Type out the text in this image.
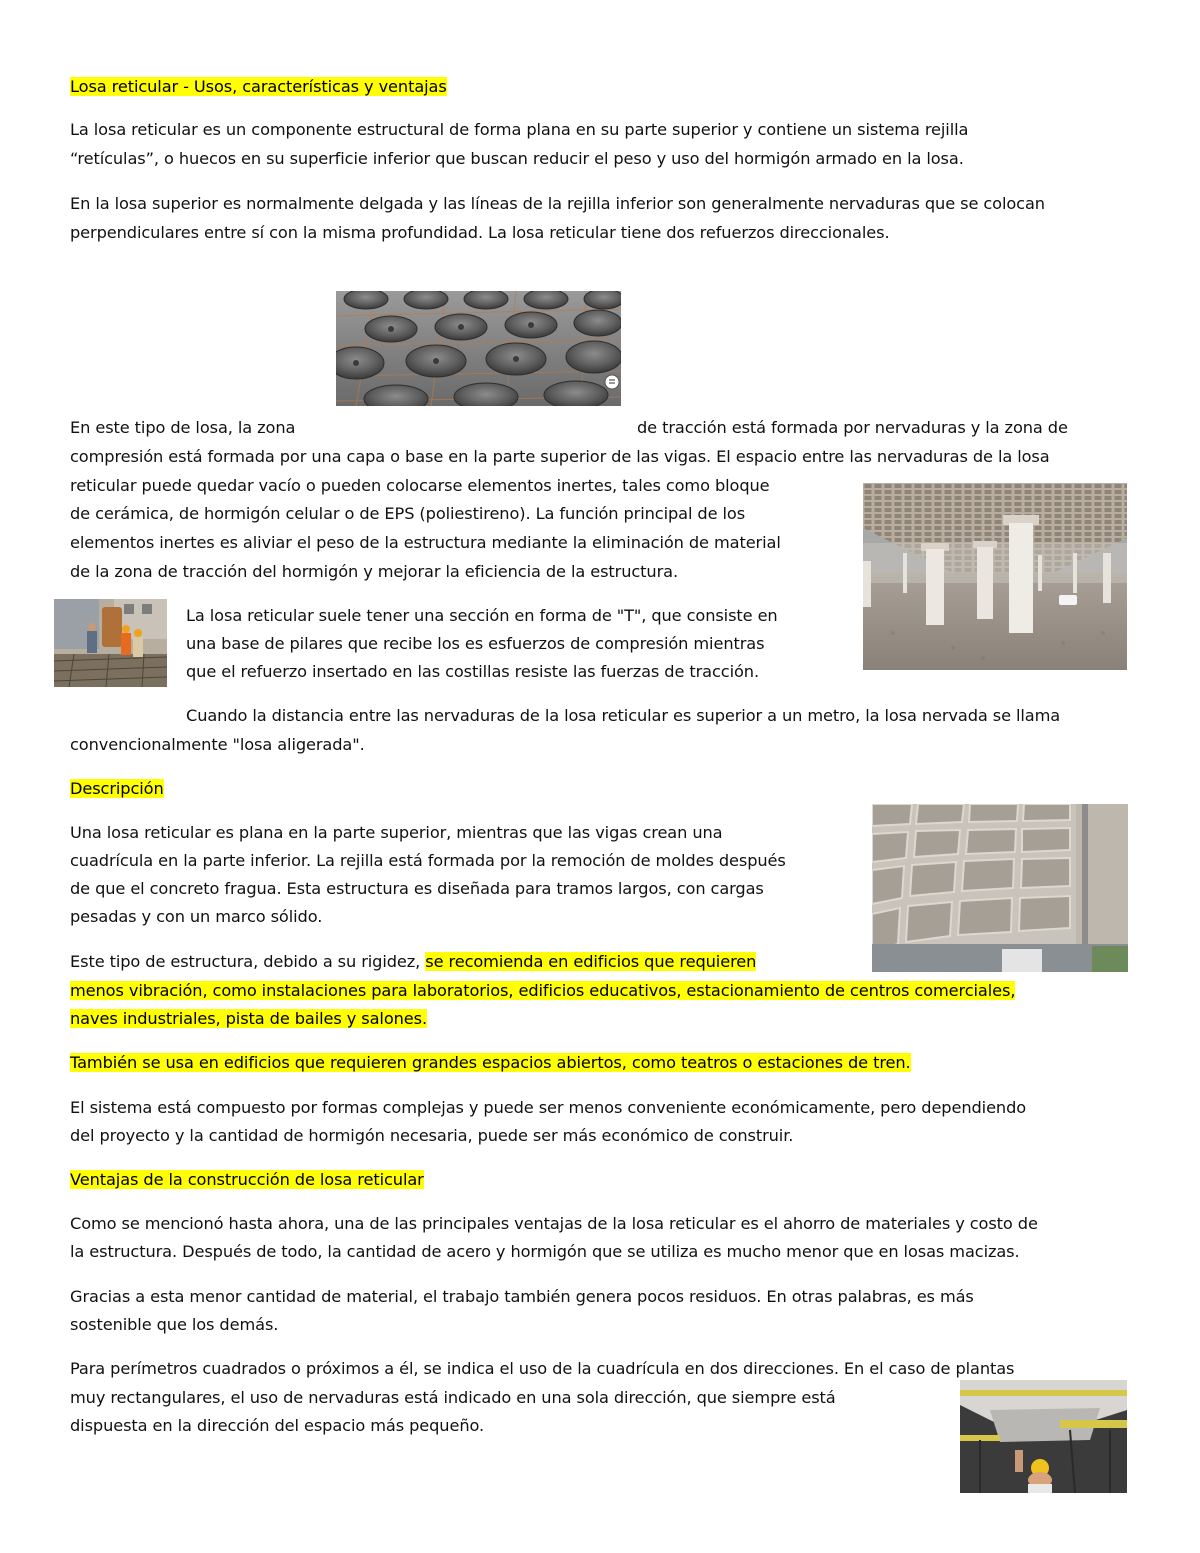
Losa reticular - Usos, características y ventajas
La losa reticular es un componente estructural de forma plana en su parte superior y contiene un sistema rejilla
“retículas”, o huecos en su superficie inferior que buscan reducir el peso y uso del hormigón armado en la losa.
En la losa superior es normalmente delgada y las líneas de la rejilla inferior son generalmente nervaduras que se colocan
perpendiculares entre sí con la misma profundidad. La losa reticular tiene dos refuerzos direccionales.
En este tipo de losa, la zona	de tracción está formada por nervaduras y la zona de
compresión está formada por una capa o base en la parte superior de las vigas. El espacio entre las nervaduras de la losa
reticular puede quedar vacío o pueden colocarse elementos inertes, tales como bloque
de cerámica, de hormigón celular o de EPS (poliestireno). La función principal de los
elementos inertes es aliviar el peso de la estructura mediante la eliminación de material
de la zona de tracción del hormigón y mejorar la eficiencia de la estructura.
La losa reticular suele tener una sección en forma de "T", que consiste en
una base de pilares que recibe los es esfuerzos de compresión mientras
que el refuerzo insertado en las costillas resiste las fuerzas de tracción.
Cuando la distancia entre las nervaduras de la losa reticular es superior a un metro, la losa nervada se llama
convencionalmente "losa aligerada".
Descripción
Una losa reticular es plana en la parte superior, mientras que las vigas crean una
cuadrícula en la parte inferior. La rejilla está formada por la remoción de moldes después
de que el concreto fragua. Esta estructura es diseñada para tramos largos, con cargas
pesadas y con un marco sólido.
Este tipo de estructura, debido a su rigidez, se recomienda en edificios que requieren
menos vibración, como instalaciones para laboratorios, edificios educativos, estacionamiento de centros comerciales,
naves industriales, pista de bailes y salones.
También se usa en edificios que requieren grandes espacios abiertos, como teatros o estaciones de tren.
El sistema está compuesto por formas complejas y puede ser menos conveniente económicamente, pero dependiendo
del proyecto y la cantidad de hormigón necesaria, puede ser más económico de construir.
Ventajas de la construcción de losa reticular
Como se mencionó hasta ahora, una de las principales ventajas de la losa reticular es el ahorro de materiales y costo de
la estructura. Después de todo, la cantidad de acero y hormigón que se utiliza es mucho menor que en losas macizas.
Gracias a esta menor cantidad de material, el trabajo también genera pocos residuos. En otras palabras, es más
sostenible que los demás.
Para perímetros cuadrados o próximos a él, se indica el uso de la cuadrícula en dos direcciones. En el caso de plantas
muy rectangulares, el uso de nervaduras está indicado en una sola dirección, que siempre está
dispuesta en la dirección del espacio más pequeño.
